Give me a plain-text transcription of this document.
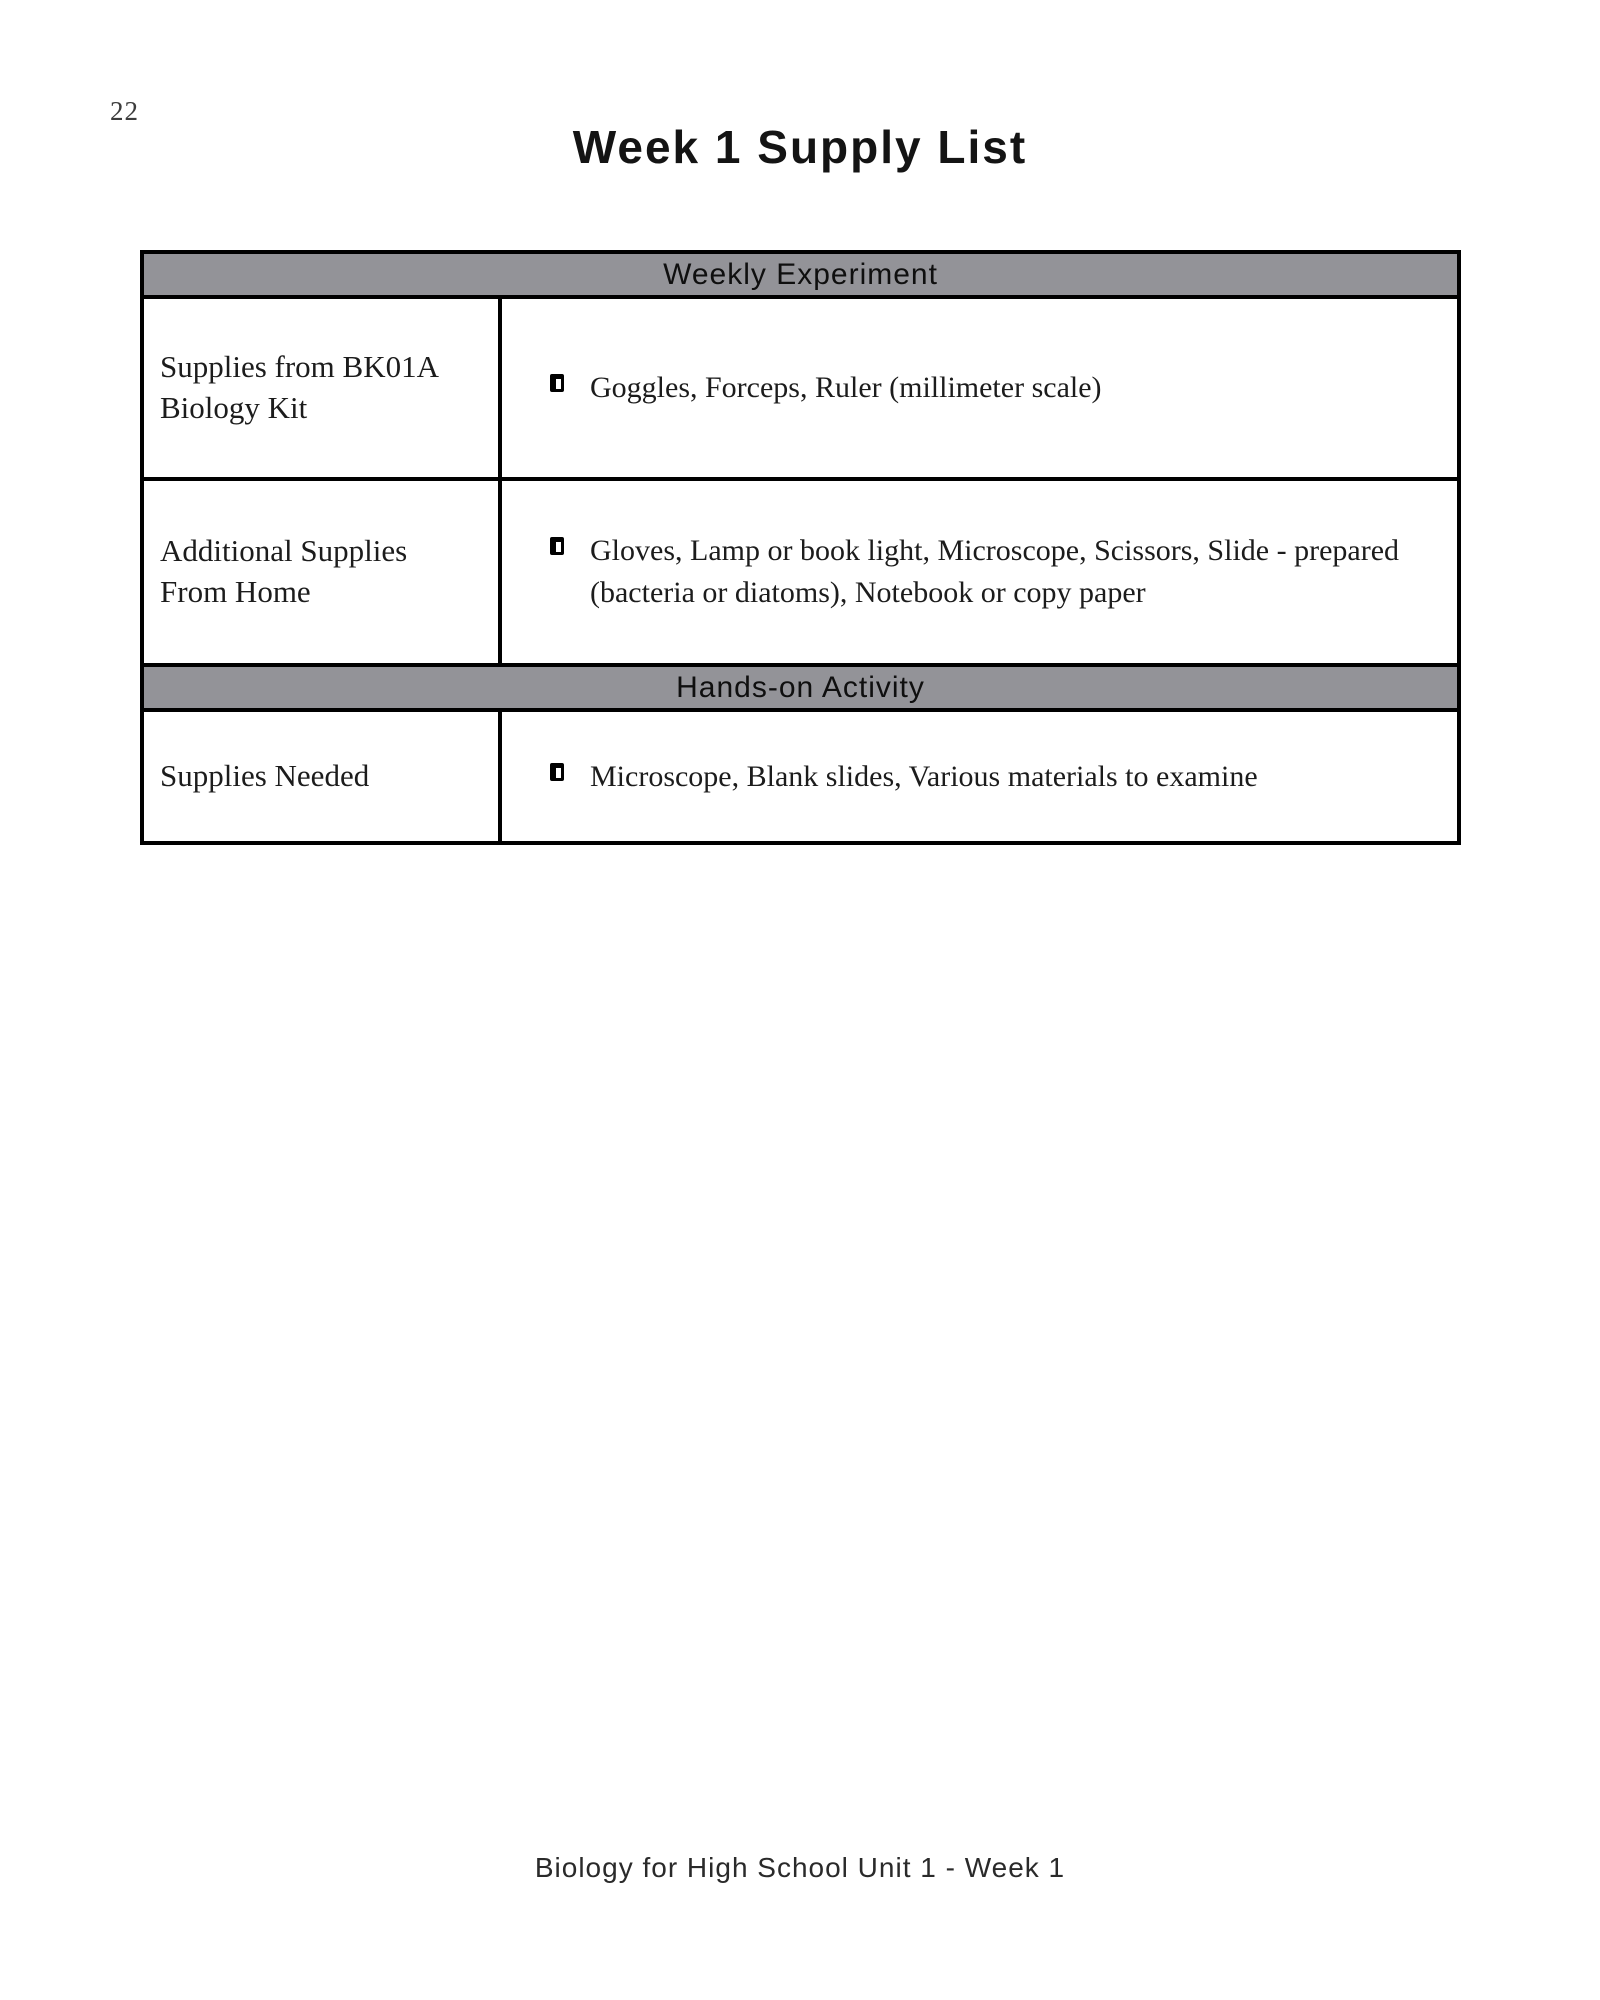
22
Week 1 Supply List
Weekly Experiment
Supplies from BK01A Biology Kit
Goggles, Forceps, Ruler (millimeter scale)
Additional Supplies From Home
Gloves, Lamp or book light, Microscope, Scissors, Slide - prepared (bacteria or diatoms), Notebook or copy paper
Hands-on Activity
Supplies Needed	Microscope, Blank slides, Various materials to examine
Biology for High School Unit 1 - Week 1
